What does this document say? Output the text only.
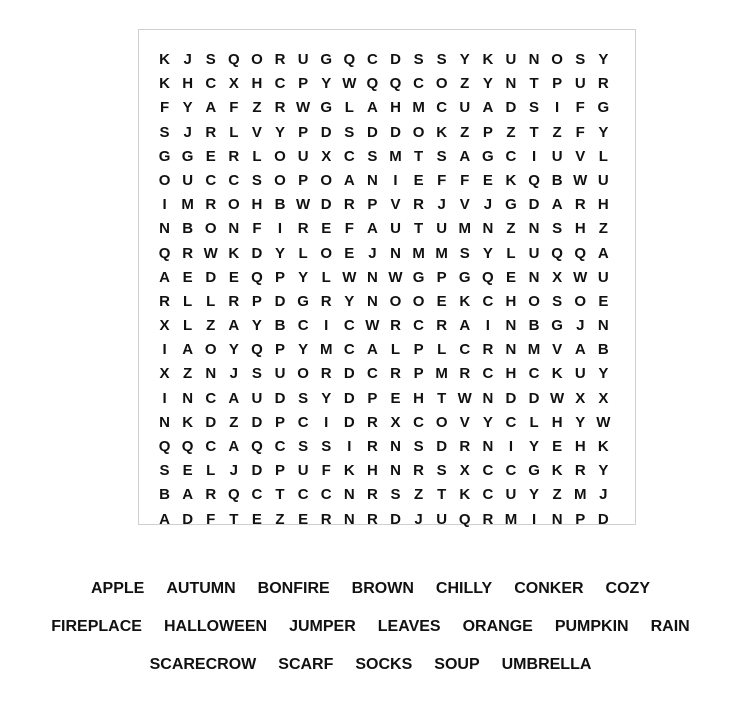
K J S Q O R U G Q C D S S Y K U N O S Y
K H C X H C P Y W Q Q C O Z Y N T P U R
F Y A F Z R W G L A H M C U A D S	I	F G
S J R L V Y P D S D D O K Z P Z T Z F Y
G G E R L O U X C S M T S A G C	I	U V L
O U C C S O P O A N	I	E F F E K Q B W U
I M R O H B W D R P V R J V J G D A R H
N B O N F	I	R E F A U T U M N Z N S H Z
Q R W K D Y L O E J N M M S Y L U Q Q A
A E D E Q P Y L W N W G P G Q E N X W U
R L L R P D G R Y N O O E K C H O S O E
X L Z A Y B C	I	C W R C R A	I	N B G J N
I	A O Y Q P Y M C A L P L C R N M V A B
X Z N J S U O R D C R P M R C H C K U Y
I	N C A U D S Y D P E H T W N D D W X X
N K D Z D P C	I	D R X C O V Y C L H Y W
Q Q C A Q C S S	I	R N S D R N	I	Y E H K
S E L J D P U F K H N R S X C C G K R Y
B A R Q C T C C N R S Z T K C U Y Z M J
A D F T E Z E R N R D J U Q R M I	N P D
APPLE AUTUMN BONFIRE BROWN CHILLY CONKER COZY
FIREPLACE HALLOWEEN JUMPER LEAVES ORANGE PUMPKIN RAIN
SCARECROW SCARF SOCKS SOUP UMBRELLA
